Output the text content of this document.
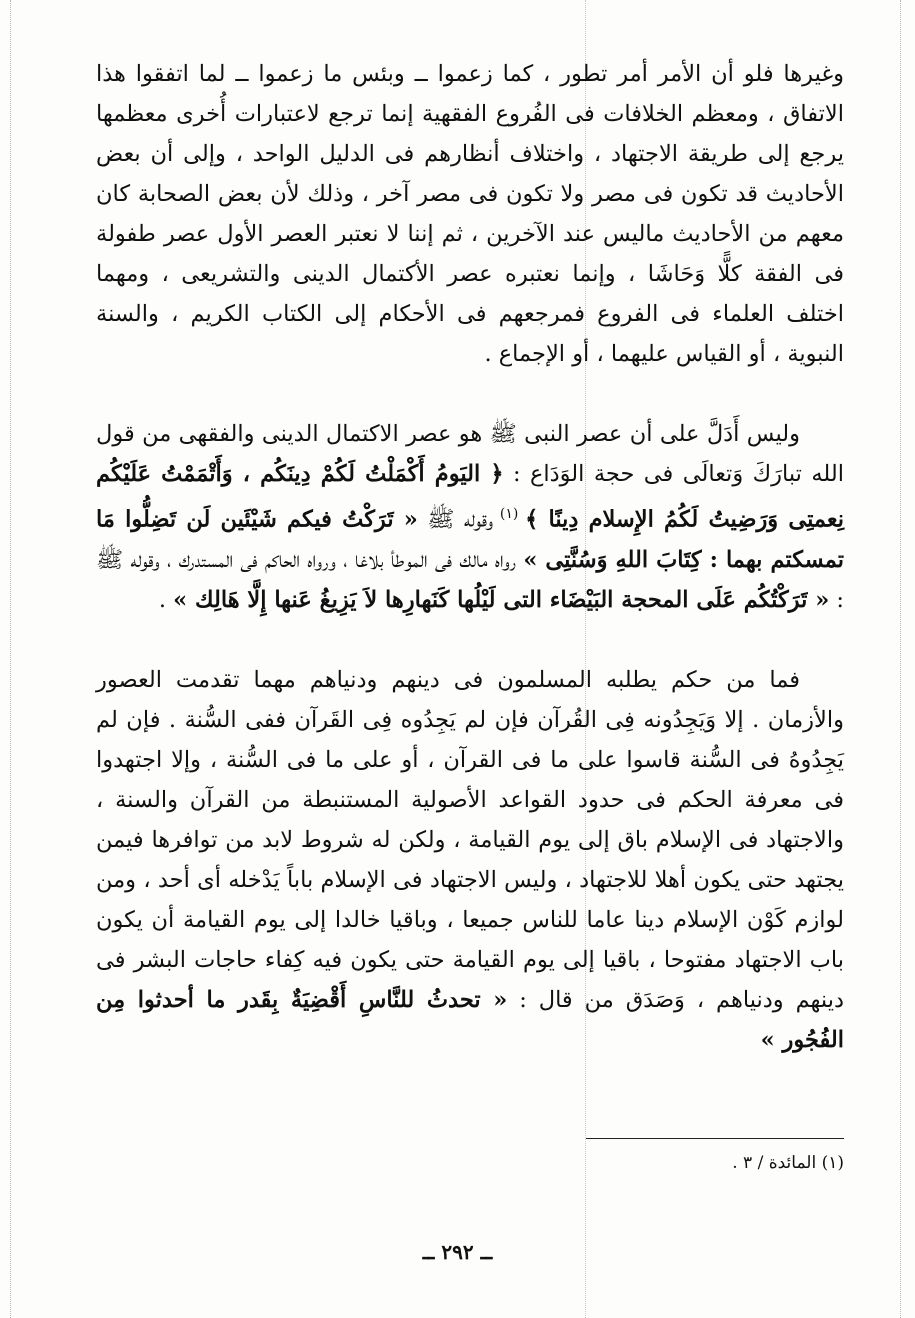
وغيرها فلو أن الأمر أمر تطور ، كما زعموا ــ وبئس ما زعموا ــ لما اتفقوا هذا الاتفاق ، ومعظم الخلافات فى الفُروع الفقهية إنما ترجع لاعتبارات أُخرى معظمها يرجع إلى طريقة الاجتهاد ، واختلاف أنظارهم فى الدليل الواحد ، وإلى أن بعض الأحاديث قد تكون فى مصر ولا تكون فى مصر آخر ، وذلك لأن بعض الصحابة كان معهم من الأحاديث ماليس عند الآخرين ، ثم إننا لا نعتبر العصر الأول عصر طفولة فى الفقة كلًّا وَحَاشَا ، وإنما نعتبره عصر الأكتمال الدينى والتشريعى ، ومهما اختلف العلماء فى الفروع فمرجعهم فى الأحكام إلى الكتاب الكريم ، والسنة النبوية ، أو القياس عليهما ، أو الإجماع .

وليس أَدَلَّ على أن عصر النبى ﷺ هو عصر الاكتمال الدينى والفقهى من قول الله تبارَكَ وَتعالَى فى حجة الوَدَاع : ﴿ اليَومُ أَكْمَلْتُ لَكُمْ دِينَكُم ، وَأَتْمَمْتُ عَلَيْكُم نِعمتِى وَرَضِيتُ لَكُمُ الإِسلام دِينًا ﴾ $^{(١)}$ وقوله ﷺ « تَرَكْتُ فيكم شَيْئَين لَن تَضِلُّوا مَا تمسكتم بهما : كِتَابَ اللهِ وَسُنَّتِى » رواه مالك فى الموطأ بلاغا ، ورواه الحاكم فى المستدرك ، وقوله ﷺ : « تَرَكْتُكُم عَلَى المحجة البَيْضَاء التى لَيْلُها كَنَهارِها لاَ يَزِيغُ عَنها إِلَّا هَالِك » .

فما من حكم يطلبه المسلمون فى دينهم ودنياهم مهما تقدمت العصور والأزمان . إلا وَيَجِدُونه فِى القُرآن فإن لم يَجِدُوه فِى القَرآن ففى السُّنة . فإن لم يَجِدُوهُ فى السُّنة قاسوا على ما فى القرآن ، أو على ما فى السُّنة ، وإلا اجتهدوا فى معرفة الحكم فى حدود القواعد الأصولية المستنبطة من القرآن والسنة ، والاجتهاد فى الإسلام باق إلى يوم القيامة ، ولكن له شروط لابد من توافرها فيمن يجتهد حتى يكون أهلا للاجتهاد ، وليس الاجتهاد فى الإسلام باباً يَدْخله أى أحد ، ومن لوازم كَوْن الإسلام دينا عاما للناس جميعا ، وباقيا خالدا إلى يوم القيامة أن يكون باب الاجتهاد مفتوحا ، باقيا إلى يوم القيامة حتى يكون فيه كِفاء حاجات البشر فى دينهم ودنياهم ، وَصَدَق من قال : « تحدثُ للنَّاسِ أَقْضِيَةٌ بِقَدر ما أحدثوا مِن الفُجُور »

(١) المائدة / ٣ .
ــ ٢٩٢ ــ
